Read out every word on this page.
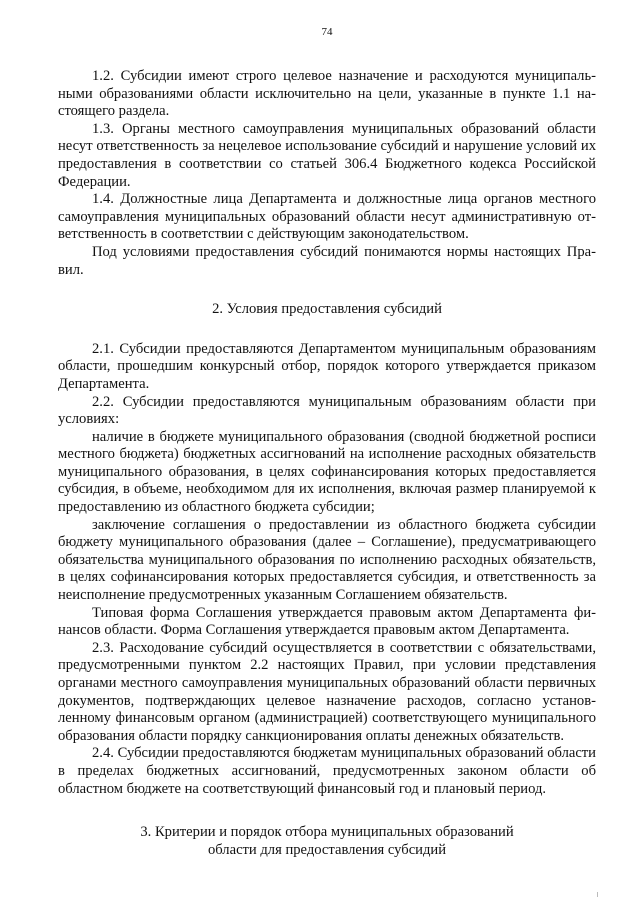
74

1.2. Субсидии имеют строго целевое назначение и расходуются муниципальными образованиями области исключительно на цели, указанные в пункте 1.1 настоящего раздела.

1.3. Органы местного самоуправления муниципальных образований области несут ответственность за нецелевое использование субсидий и нарушение условий их предоставления в соответствии со статьей 306.4 Бюджетного кодекса Российской Федерации.

1.4. Должностные лица Департамента и должностные лица органов местного самоуправления муниципальных образований области несут административную ответственность в соответствии с действующим законодательством.

Под условиями предоставления субсидий понимаются нормы настоящих Правил.

2. Условия предоставления субсидий

2.1. Субсидии предоставляются Департаментом муниципальным образованиям области, прошедшим конкурсный отбор, порядок которого утверждается приказом Департамента.

2.2. Субсидии предоставляются муниципальным образованиям области при условиях:

наличие в бюджете муниципального образования (сводной бюджетной росписи местного бюджета) бюджетных ассигнований на исполнение расходных обязательств муниципального образования, в целях софинансирования которых предоставляется субсидия, в объеме, необходимом для их исполнения, включая размер планируемой к предоставлению из областного бюджета субсидии;

заключение соглашения о предоставлении из областного бюджета субсидии бюджету муниципального образования (далее – Соглашение), предусматривающего обязательства муниципального образования по исполнению расходных обязательств, в целях софинансирования которых предоставляется субсидия, и ответственность за неисполнение предусмотренных указанным Соглашением обязательств.

Типовая форма Соглашения утверждается правовым актом Департамента финансов области. Форма Соглашения утверждается правовым актом Департамента.

2.3. Расходование субсидий осуществляется в соответствии с обязательствами, предусмотренными пунктом 2.2 настоящих Правил, при условии представления органами местного самоуправления муниципальных образований области первичных документов, подтверждающих целевое назначение расходов, согласно установленному финансовым органом (администрацией) соответствующего муниципального образования области порядку санкционирования оплаты денежных обязательств.

2.4. Субсидии предоставляются бюджетам муниципальных образований области в пределах бюджетных ассигнований, предусмотренных законом области об областном бюджете на соответствующий финансовый год и плановый период.

3. Критерии и порядок отбора муниципальных образований
области для предоставления субсидий
